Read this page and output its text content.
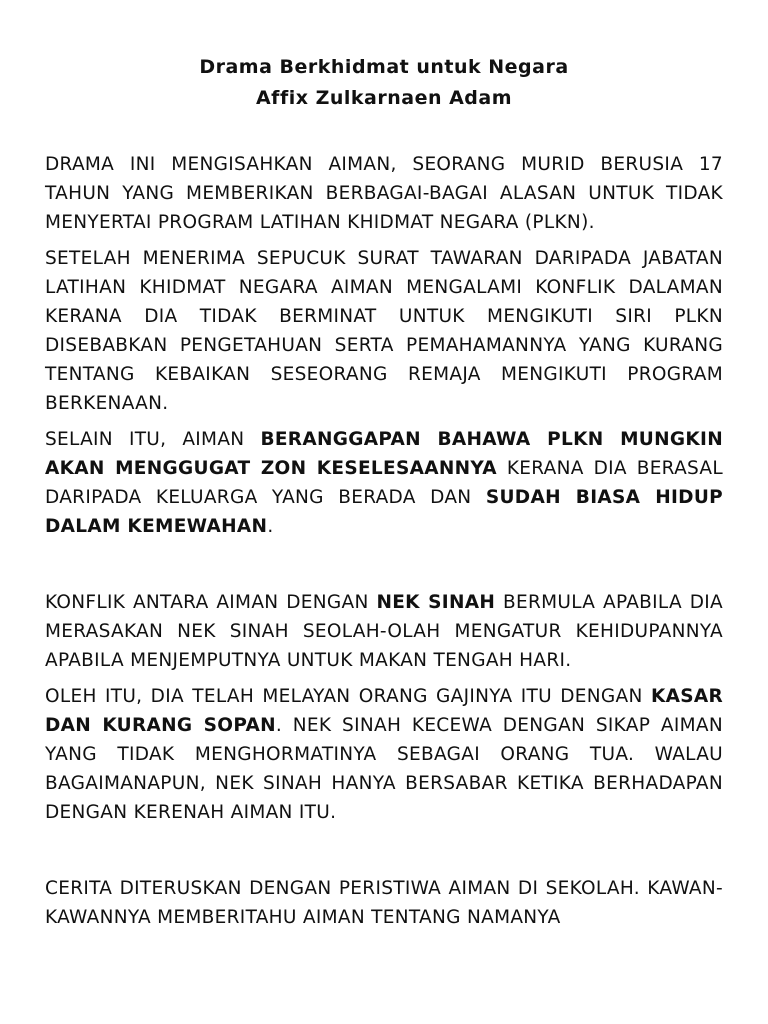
Drama Berkhidmat untuk Negara
Affix Zulkarnaen Adam

DRAMA INI MENGISAHKAN AIMAN, SEORANG MURID BERUSIA 17 TAHUN YANG MEMBERIKAN BERBAGAI-BAGAI ALASAN UNTUK TIDAK MENYERTAI PROGRAM LATIHAN KHIDMAT NEGARA (PLKN).

SETELAH MENERIMA SEPUCUK SURAT TAWARAN DARIPADA JABATAN LATIHAN KHIDMAT NEGARA AIMAN MENGALAMI KONFLIK DALAMAN KERANA DIA TIDAK BERMINAT UNTUK MENGIKUTI SIRI PLKN DISEBABKAN PENGETAHUAN SERTA PEMAHAMANNYA YANG KURANG TENTANG KEBAIKAN SESEORANG REMAJA MENGIKUTI PROGRAM BERKENAAN.

SELAIN ITU, AIMAN BERANGGAPAN BAHAWA PLKN MUNGKIN AKAN MENGGUGAT ZON KESELESAANNYA KERANA DIA BERASAL DARIPADA KELUARGA YANG BERADA DAN SUDAH BIASA HIDUP DALAM KEMEWAHAN.

KONFLIK ANTARA AIMAN DENGAN NEK SINAH BERMULA APABILA DIA MERASAKAN NEK SINAH SEOLAH-OLAH MENGATUR KEHIDUPANNYA APABILA MENJEMPUTNYA UNTUK MAKAN TENGAH HARI.

OLEH ITU, DIA TELAH MELAYAN ORANG GAJINYA ITU DENGAN KASAR DAN KURANG SOPAN. NEK SINAH KECEWA DENGAN SIKAP AIMAN YANG TIDAK MENGHORMATINYA SEBAGAI ORANG TUA. WALAU BAGAIMANAPUN, NEK SINAH HANYA BERSABAR KETIKA BERHADAPAN DENGAN KERENAH AIMAN ITU.

CERITA DITERUSKAN DENGAN PERISTIWA AIMAN DI SEKOLAH. KAWAN-KAWANNYA MEMBERITAHU AIMAN TENTANG NAMANYA
